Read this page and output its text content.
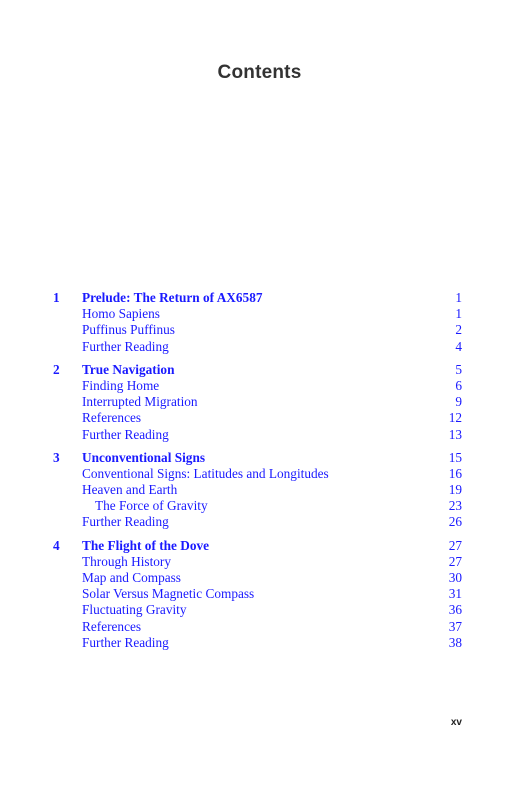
Contents
1 Prelude: The Return of AX6587	1
Homo Sapiens	1
Puffinus Puffinus	2
Further Reading	4
2 True Navigation	5
Finding Home	6
Interrupted Migration	9
References	12
Further Reading	13
3 Unconventional Signs	15
Conventional Signs: Latitudes and Longitudes	16
Heaven and Earth	19
The Force of Gravity	23
Further Reading	26
4 The Flight of the Dove	27
Through History	27
Map and Compass	30
Solar Versus Magnetic Compass	31
Fluctuating Gravity	36
References	37
Further Reading	38
xv
